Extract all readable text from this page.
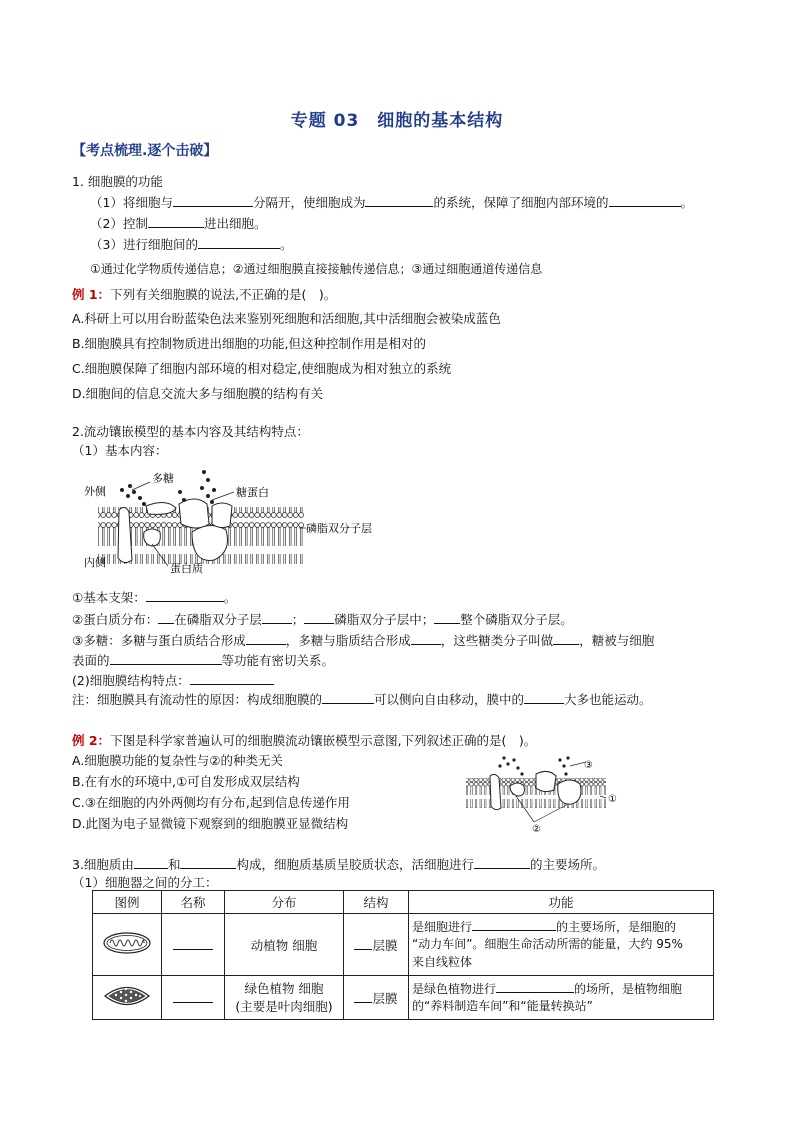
专题 03　细胞的基本结构
【考点梳理.逐个击破】
1. 细胞膜的功能
（1）将细胞与	分隔开，使细胞成为	的系统，保障了细胞内部环境的	。
（2）控制	进出细胞。
（3）进行细胞间的	。
①通过化学物质传递信息；②通过细胞膜直接接触传递信息；③通过细胞通道传递信息
例 1：下列有关细胞膜的说法,不正确的是(　)。
A.科研上可以用台盼蓝染色法来鉴别死细胞和活细胞,其中活细胞会被染成蓝色
B.细胞膜具有控制物质进出细胞的功能,但这种控制作用是相对的
C.细胞膜保障了细胞内部环境的相对稳定,使细胞成为相对独立的系统
D.细胞间的信息交流大多与细胞膜的结构有关
2.流动镶嵌模型的基本内容及其结构特点：
（1）基本内容：
多糖
糖蛋白
磷脂双分子层
外侧
内侧	蛋白质
①基本支架：	。
②蛋白质分布： 在磷脂双分子层 ； 磷脂双分子层中； 整个磷脂双分子层。
③多糖：多糖与蛋白质结合形成	，多糖与脂质结合形成 ，这些糖类分子叫做 ，糖被与细胞
表面的	等功能有密切关系。
(2)细胞膜结构特点：
注：细胞膜具有流动性的原因：构成细胞膜的	可以侧向自由移动，膜中的	大多也能运动。
例 2：下图是科学家普遍认可的细胞膜流动镶嵌模型示意图,下列叙述正确的是(　)。
A.细胞膜功能的复杂性与②的种类无关
B.在有水的环境中,①可自发形成双层结构
C.③在细胞的内外两侧均有分布,起到信息传递作用
D.此图为电子显微镜下观察到的细胞膜亚显微结构
③
①
②
3.细胞质由	和	构成，细胞质基质呈胶质状态，活细胞进行	的主要场所。
（1）细胞器之间的分工：
图例	名称	分布	结构	功能
		动植物 细胞	层膜	是细胞进行 的主要场所，是细胞的
“动力车间”。细胞生命活动所需的能量，大约 95%
来自线粒体
		绿色植物 细胞
(主要是叶肉细胞)	层膜	是绿色植物进行 的场所，是植物细胞
的“养料制造车间”和“能量转换站”
